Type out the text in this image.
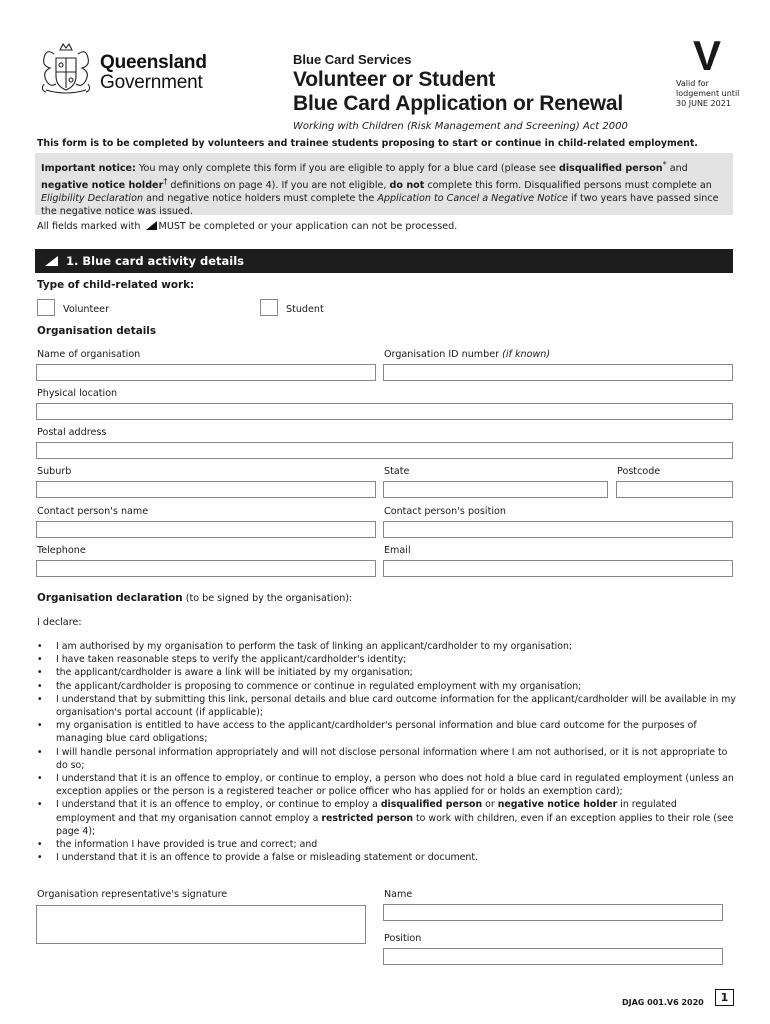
Queensland
Government
Blue Card Services
Volunteer or Student
Blue Card Application or Renewal
V
Valid for
lodgement until
30 JUNE 2021
Working with Children (Risk Management and Screening) Act 2000
This form is to be completed by volunteers and trainee students proposing to start or continue in child-related employment.
Important notice: You may only complete this form if you are eligible to apply for a blue card (please see disqualified person* and negative notice holder† definitions on page 4). If you are not eligible, do not complete this form. Disqualified persons must complete an Eligibility Declaration and negative notice holders must complete the Application to Cancel a Negative Notice if two years have passed since the negative notice was issued.
All fields marked with MUST be completed or your application can not be processed.
1. Blue card activity details
Type of child-related work:
Volunteer	Student
Organisation details
Name of organisation	Organisation ID number (if known)
Physical location
Postal address
Suburb	State	Postcode
Contact person's name	Contact person's position
Telephone	Email
Organisation declaration (to be signed by the organisation):
I declare:
• I am authorised by my organisation to perform the task of linking an applicant/cardholder to my organisation;
• I have taken reasonable steps to verify the applicant/cardholder's identity;
• the applicant/cardholder is aware a link will be initiated by my organisation;
• the applicant/cardholder is proposing to commence or continue in regulated employment with my organisation;
• I understand that by submitting this link, personal details and blue card outcome information for the applicant/cardholder will be available in my organisation's portal account (if applicable);
• my organisation is entitled to have access to the applicant/cardholder's personal information and blue card outcome for the purposes of managing blue card obligations;
• I will handle personal information appropriately and will not disclose personal information where I am not authorised, or it is not appropriate to do so;
• I understand that it is an offence to employ, or continue to employ, a person who does not hold a blue card in regulated employment (unless an exception applies or the person is a registered teacher or police officer who has applied for or holds an exemption card);
• I understand that it is an offence to employ, or continue to employ a disqualified person or negative notice holder in regulated employment and that my organisation cannot employ a restricted person to work with children, even if an exception applies to their role (see page 4);
• the information I have provided is true and correct; and
• I understand that it is an offence to provide a false or misleading statement or document.
Organisation representative's signature	Name
Position
DJAG 001.V6 2020	1
